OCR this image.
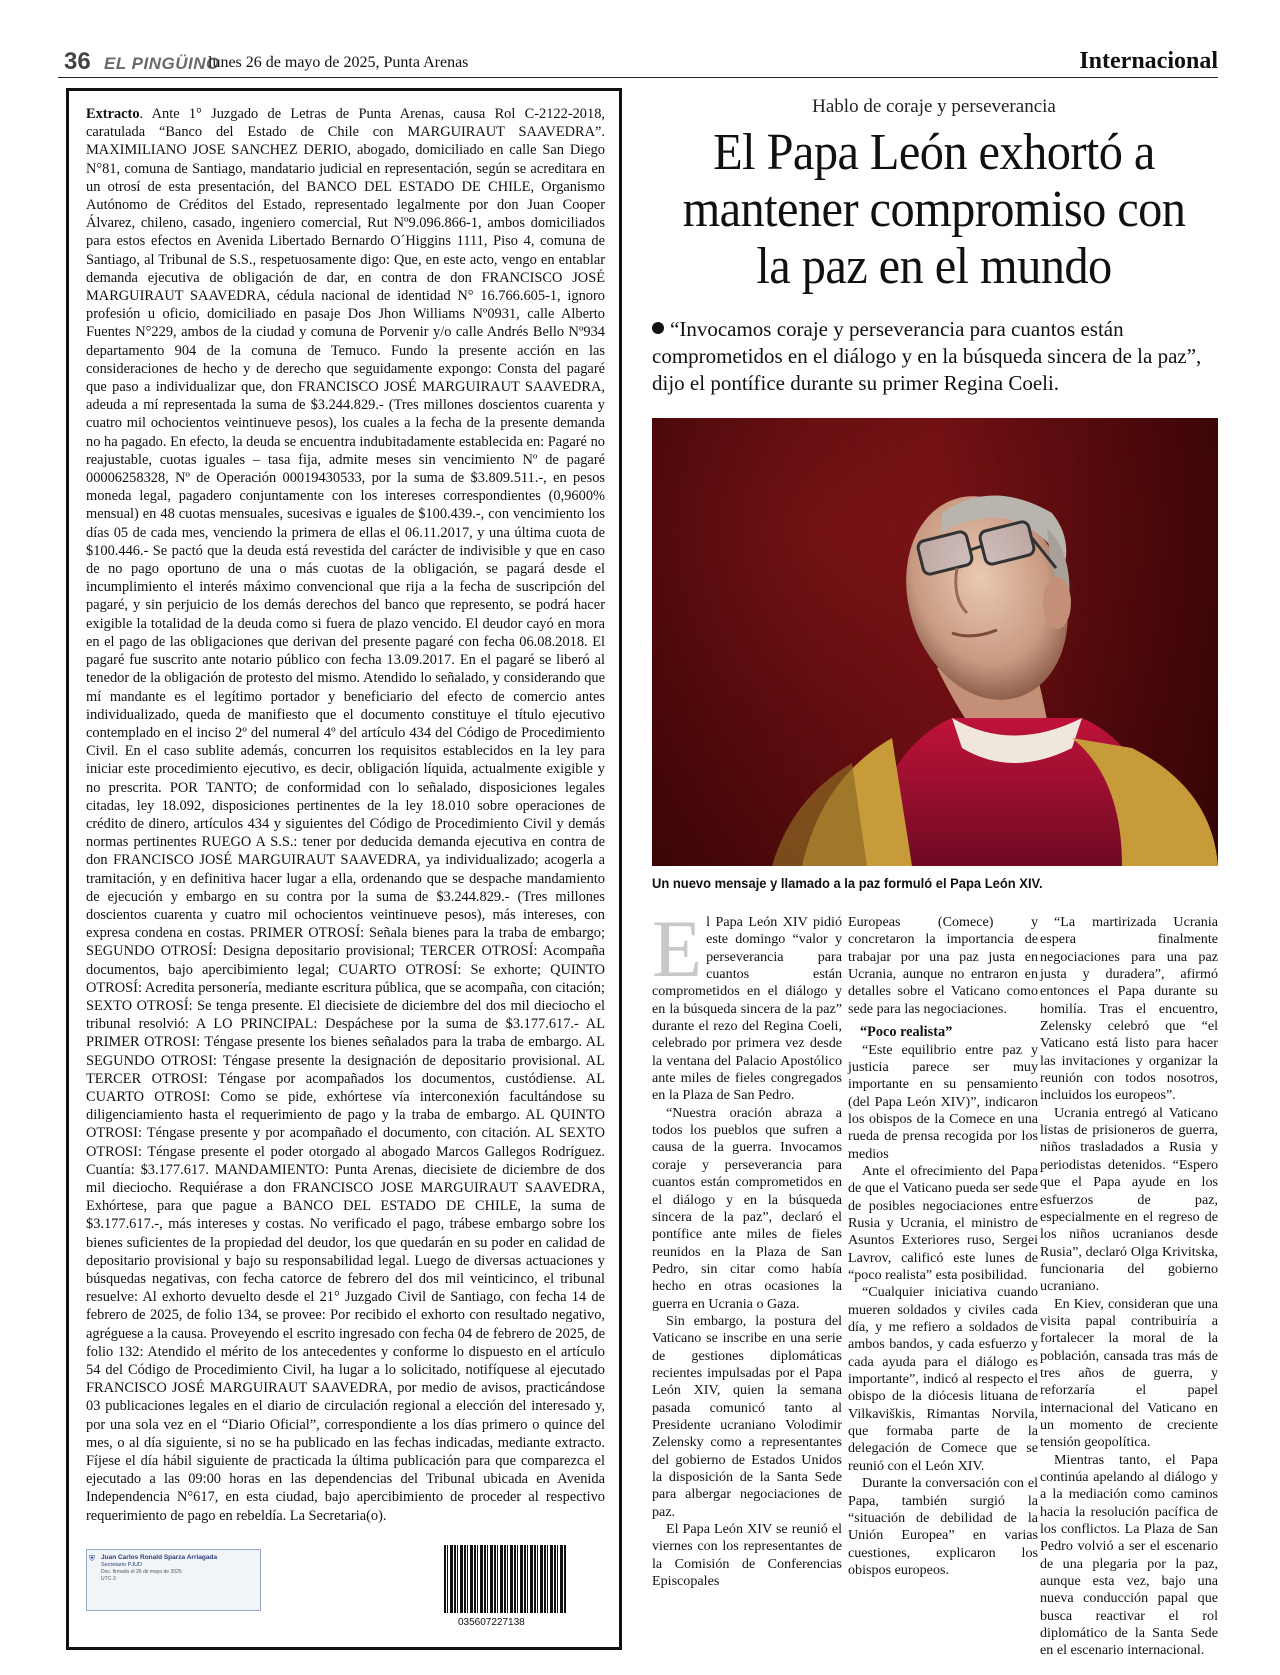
36 EL PINGÜINO
lunes 26 de mayo de 2025, Punta Arenas	Internacional
Extracto. Ante 1° Juzgado de Letras de Punta Arenas, causa Rol C-2122-2018, caratulada “Banco del Estado de Chile con MARGUIRAUT SAAVEDRA”. MAXIMILIANO JOSE SANCHEZ DERIO, abogado, domiciliado en calle San Diego N°81, comuna de Santiago, mandatario judicial en representación, según se acreditara en un otrosí de esta presentación, del BANCO DEL ESTADO DE CHILE, Organismo Autónomo de Créditos del Estado, representado legalmente por don Juan Cooper Álvarez, chileno, casado, ingeniero comercial, Rut Nº9.096.866-1, ambos domiciliados para estos efectos en Avenida Libertado Bernardo O´Higgins 1111, Piso 4, comuna de Santiago, al Tribunal de S.S., respetuosamente digo: Que, en este acto, vengo en entablar demanda ejecutiva de obligación de dar, en contra de don FRANCISCO JOSÉ MARGUIRAUT SAAVEDRA, cédula nacional de identidad N° 16.766.605-1, ignoro profesión u oficio, domiciliado en pasaje Dos Jhon Williams Nº0931, calle Alberto Fuentes N°229, ambos de la ciudad y comuna de Porvenir y/o calle Andrés Bello Nº934 departamento 904 de la comuna de Temuco. Fundo la presente acción en las consideraciones de hecho y de derecho que seguidamente expongo: Consta del pagaré que paso a individualizar que, don FRANCISCO JOSÉ MARGUIRAUT SAAVEDRA, adeuda a mí representada la suma de $3.244.829.- (Tres millones doscientos cuarenta y cuatro mil ochocientos veintinueve pesos), los cuales a la fecha de la presente demanda no ha pagado. En efecto, la deuda se encuentra indubitadamente establecida en: Pagaré no reajustable, cuotas iguales – tasa fija, admite meses sin vencimiento Nº de pagaré 00006258328, Nº de Operación 00019430533, por la suma de $3.809.511.-, en pesos moneda legal, pagadero conjuntamente con los intereses correspondientes (0,9600% mensual) en 48 cuotas mensuales, sucesivas e iguales de $100.439.-, con vencimiento los días 05 de cada mes, venciendo la primera de ellas el 06.11.2017, y una última cuota de $100.446.- Se pactó que la deuda está revestida del carácter de indivisible y que en caso de no pago oportuno de una o más cuotas de la obligación, se pagará desde el incumplimiento el interés máximo convencional que rija a la fecha de suscripción del pagaré, y sin perjuicio de los demás derechos del banco que represento, se podrá hacer exigible la totalidad de la deuda como si fuera de plazo vencido. El deudor cayó en mora en el pago de las obligaciones que derivan del presente pagaré con fecha 06.08.2018. El pagaré fue suscrito ante notario público con fecha 13.09.2017. En el pagaré se liberó al tenedor de la obligación de protesto del mismo. Atendido lo señalado, y considerando que mí mandante es el legítimo portador y beneficiario del efecto de comercio antes individualizado, queda de manifiesto que el documento constituye el título ejecutivo contemplado en el inciso 2º del numeral 4º del artículo 434 del Código de Procedimiento Civil. En el caso sublite además, concurren los requisitos establecidos en la ley para iniciar este procedimiento ejecutivo, es decir, obligación líquida, actualmente exigible y no prescrita. POR TANTO; de conformidad con lo señalado, disposiciones legales citadas, ley 18.092, disposiciones pertinentes de la ley 18.010 sobre operaciones de crédito de dinero, artículos 434 y siguientes del Código de Procedimiento Civil y demás normas pertinentes RUEGO A S.S.: tener por deducida demanda ejecutiva en contra de don FRANCISCO JOSÉ MARGUIRAUT SAAVEDRA, ya individualizado; acogerla a tramitación, y en definitiva hacer lugar a ella, ordenando que se despache mandamiento de ejecución y embargo en su contra por la suma de $3.244.829.- (Tres millones doscientos cuarenta y cuatro mil ochocientos veintinueve pesos), más intereses, con expresa condena en costas. PRIMER OTROSÍ: Señala bienes para la traba de embargo; SEGUNDO OTROSÍ: Designa depositario provisional; TERCER OTROSÍ: Acompaña documentos, bajo apercibimiento legal; CUARTO OTROSÍ: Se exhorte; QUINTO OTROSÍ: Acredita personería, mediante escritura pública, que se acompaña, con citación; SEXTO OTROSÍ: Se tenga presente. El diecisiete de diciembre del dos mil dieciocho el tribunal resolvió: A LO PRINCIPAL: Despáchese por la suma de $3.177.617.- AL PRIMER OTROSI: Téngase presente los bienes señalados para la traba de embargo. AL SEGUNDO OTROSI: Téngase presente la designación de depositario provisional. AL TERCER OTROSI: Téngase por acompañados los documentos, custódiense. AL CUARTO OTROSI: Como se pide, exhórtese vía interconexión facultándose su diligenciamiento hasta el requerimiento de pago y la traba de embargo. AL QUINTO OTROSI: Téngase presente y por acompañado el documento, con citación. AL SEXTO OTROSI: Téngase presente el poder otorgado al abogado Marcos Gallegos Rodríguez. Cuantía: $3.177.617. MANDAMIENTO: Punta Arenas, diecisiete de diciembre de dos mil dieciocho. Requiérase a don FRANCISCO JOSE MARGUIRAUT SAAVEDRA, Exhórtese, para que pague a BANCO DEL ESTADO DE CHILE, la suma de $3.177.617.-, más intereses y costas. No verificado el pago, trábese embargo sobre los bienes suficientes de la propiedad del deudor, los que quedarán en su poder en calidad de depositario provisional y bajo su responsabilidad legal. Luego de diversas actuaciones y búsquedas negativas, con fecha catorce de febrero del dos mil veinticinco, el tribunal resuelve: Al exhorto devuelto desde el 21° Juzgado Civil de Santiago, con fecha 14 de febrero de 2025, de folio 134, se provee: Por recibido el exhorto con resultado negativo, agréguese a la causa. Proveyendo el escrito ingresado con fecha 04 de febrero de 2025, de folio 132: Atendido el mérito de los antecedentes y conforme lo dispuesto en el artículo 54 del Código de Procedimiento Civil, ha lugar a lo solicitado, notifíquese al ejecutado FRANCISCO JOSÉ MARGUIRAUT SAAVEDRA, por medio de avisos, practicándose 03 publicaciones legales en el diario de circulación regional a elección del interesado y, por una sola vez en el “Diario Oficial”, correspondiente a los días primero o quince del mes, o al día siguiente, si no se ha publicado en las fechas indicadas, mediante extracto. Fíjese el día hábil siguiente de practicada la última publicación para que comparezca el ejecutado a las 09:00 horas en las dependencias del Tribunal ubicada en Avenida Independencia N°617, en esta ciudad, bajo apercibimiento de proceder al respectivo requerimiento de pago en rebeldía. La Secretaria(o).
⛨ Juan Carlos Ronald Sparza Arriagada
Secretario PJUD
Doc. firmado el 26 de mayo de 2025
UTC-3
035607227138
Hablo de coraje y perseverancia
El Papa León exhortó a mantener compromiso con la paz en el mundo
“Invocamos coraje y perseverancia para cuantos están comprometidos en el diálogo y en la búsqueda sincera de la paz”, dijo el pontífice durante su primer Regina Coeli.
Un nuevo mensaje y llamado a la paz formuló el Papa León XIV.
E l Papa León XIV pidió este domingo “valor y perseverancia para cuantos están comprometidos en el diálogo y en la búsqueda sincera de la paz” durante el rezo del Regina Coeli, celebrado por primera vez desde la ventana del Palacio Apostólico ante miles de fieles congregados en la Plaza de San Pedro.

“Nuestra oración abraza a todos los pueblos que sufren a causa de la guerra. Invocamos coraje y perseverancia para cuantos están comprometidos en el diálogo y en la búsqueda sincera de la paz”, declaró el pontífice ante miles de fieles reunidos en la Plaza de San Pedro, sin citar como había hecho en otras ocasiones la guerra en Ucrania o Gaza.

Sin embargo, la postura del Vaticano se inscribe en una serie de gestiones diplomáticas recientes impulsadas por el Papa León XIV, quien la semana pasada comunicó tanto al Presidente ucraniano Volodimir Zelensky como a representantes del gobierno de Estados Unidos la disposición de la Santa Sede para albergar negociaciones de paz.

El Papa León XIV se reunió el viernes con los representantes de la Comisión de Conferencias Episcopales

Europeas (Comece) y concretaron la importancia de trabajar por una paz justa en Ucrania, aunque no entraron en detalles sobre el Vaticano como sede para las negociaciones.

“Poco realista”

“Este equilibrio entre paz y justicia parece ser muy importante en su pensamiento (del Papa León XIV)”, indicaron los obispos de la Comece en una rueda de prensa recogida por los medios

Ante el ofrecimiento del Papa de que el Vaticano pueda ser sede de posibles negociaciones entre Rusia y Ucrania, el ministro de Asuntos Exteriores ruso, Sergei Lavrov, calificó este lunes de “poco realista” esta posibilidad.

“Cualquier iniciativa cuando mueren soldados y civiles cada día, y me refiero a soldados de ambos bandos, y cada esfuerzo y cada ayuda para el diálogo es importante”, indicó al respecto el obispo de la diócesis lituana de Vilkaviškis, Rimantas Norvila, que formaba parte de la delegación de Comece que se reunió con el León XIV.

Durante la conversación con el Papa, también surgió la “situación de debilidad de la Unión Europea” en varias cuestiones, explicaron los obispos europeos.

“La martirizada Ucrania espera finalmente negociaciones para una paz justa y duradera”, afirmó entonces el Papa durante su homilía. Tras el encuentro, Zelensky celebró que “el Vaticano está listo para hacer las invitaciones y organizar la reunión con todos nosotros, incluidos los europeos”.

Ucrania entregó al Vaticano listas de prisioneros de guerra, niños trasladados a Rusia y periodistas detenidos. “Espero que el Papa ayude en los esfuerzos de paz, especialmente en el regreso de los niños ucranianos desde Rusia”, declaró Olga Krivitska, funcionaria del gobierno ucraniano.

En Kiev, consideran que una visita papal contribuiría a fortalecer la moral de la población, cansada tras más de tres años de guerra, y reforzaría el papel internacional del Vaticano en un momento de creciente tensión geopolítica.

Mientras tanto, el Papa continúa apelando al diálogo y a la mediación como caminos hacia la resolución pacífica de los conflictos. La Plaza de San Pedro volvió a ser el escenario de una plegaria por la paz, aunque esta vez, bajo una nueva conducción papal que busca reactivar el rol diplomático de la Santa Sede en el escenario internacional.
